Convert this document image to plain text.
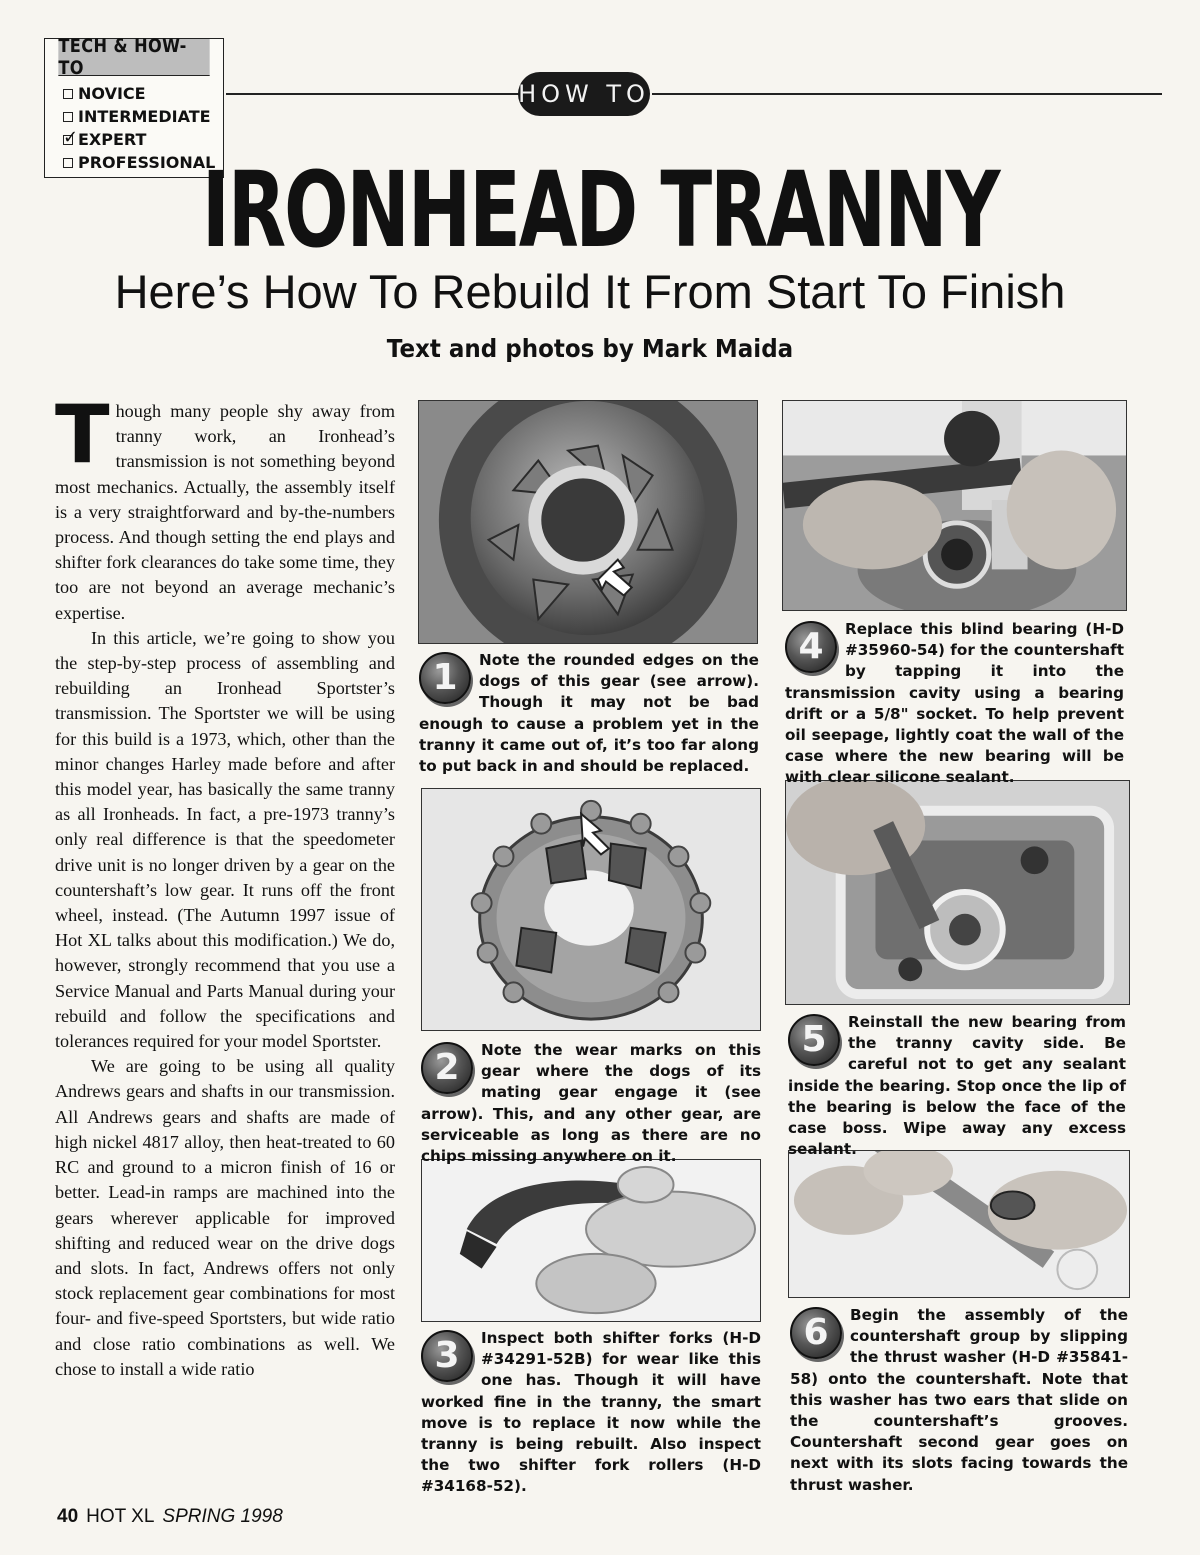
TECH & HOW-TO
NOVICE
INTERMEDIATE
✓
EXPERT
PROFESSIONAL
HOW TO
IRONHEAD TRANNY
Here’s How To Rebuild It From Start To Finish
Text and photos by Mark Maida

Though many people shy away from tranny work, an Ironhead’s transmission is not something beyond most mechanics. Actually, the assembly itself is a very straightforward and by-the-numbers process. And though setting the end plays and shifter fork clearances do take some time, they too are not beyond an average mechanic’s expertise.

In this article, we’re going to show you the step-by-step process of assembling and rebuilding an Ironhead Sportster’s transmission. The Sportster we will be using for this build is a 1973, which, other than the minor changes Harley made before and after this model year, has basically the same tranny as all Ironheads. In fact, a pre-1973 tranny’s only real difference is that the speedometer drive unit is no longer driven by a gear on the countershaft’s low gear. It runs off the front wheel, instead. (The Autumn 1997 issue of Hot XL talks about this modification.) We do, however, strongly recommend that you use a Service Manual and Parts Manual during your rebuild and follow the specifications and tolerances required for your model Sportster.

We are going to be using all quality Andrews gears and shafts in our transmission. All Andrews gears and shafts are made of high nickel 4817 alloy, then heat-treated to 60 RC and ground to a micron finish of 16 or better. Lead-in ramps are machined into the gears wherever applicable for improved shifting and reduced wear on the drive dogs and slots. In fact, Andrews offers not only stock replacement gear combinations for most four- and five-speed Sportsters, but wide ratio and close ratio combinations as well. We chose to install a wide ratio

1	Note the rounded edges on the dogs of this gear (see arrow). Though it may not be bad enough to cause a problem yet in the tranny it came out of, it’s too far along to put back in and should be replaced.
2	Note the wear marks on this gear where the dogs of its mating gear engage it (see arrow). This, and any other gear, are serviceable as long as there are no chips missing anywhere on it.
3	Inspect both shifter forks (H-D #34291-52B) for wear like this one has. Though it will have worked fine in the tranny, the smart move is to replace it now while the tranny is being rebuilt. Also inspect the two shifter fork rollers (H-D #34168-52).
4	Replace this blind bearing (H-D #35960-54) for the countershaft by tapping it into the transmission cavity using a bearing drift or a 5/8" socket. To help prevent oil seepage, lightly coat the wall of the case where the new bearing will be with clear silicone sealant.
5	Reinstall the new bearing from the tranny cavity side. Be careful not to get any sealant inside the bearing. Stop once the lip of the bearing is below the face of the case boss. Wipe away any excess sealant.
6	Begin the assembly of the countershaft group by slipping the thrust washer (H-D #35841-58) onto the countershaft. Note that this washer has two ears that slide on the countershaft’s grooves. Countershaft second gear goes on next with its slots facing towards the thrust washer.
40 HOT XL SPRING 1998
